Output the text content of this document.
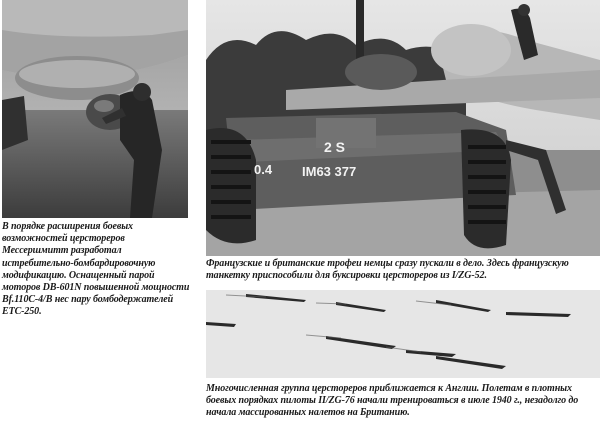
2 S
IM63 377
0.4

В порядке расширения боевых возможностей церстореров Мессершмитт разработал истребительно-бомбардировочную модификацию. Оснащенный парой моторов DB-601N повышенной мощности Bf.110С-4/В нес пару бомбодержателей ЕТС-250.

Французские и британские трофеи немцы сразу пускали в дело. Здесь французскую танкетку приспособили для буксировки церстореров из I/ZG-52.

Многочисленная группа церстореров приближается к Англии. Полетам в плотных боевых порядках пилоты II/ZG-76 начали тренироваться в июле 1940 г., незадолго до начала массированных налетов на Британию.
